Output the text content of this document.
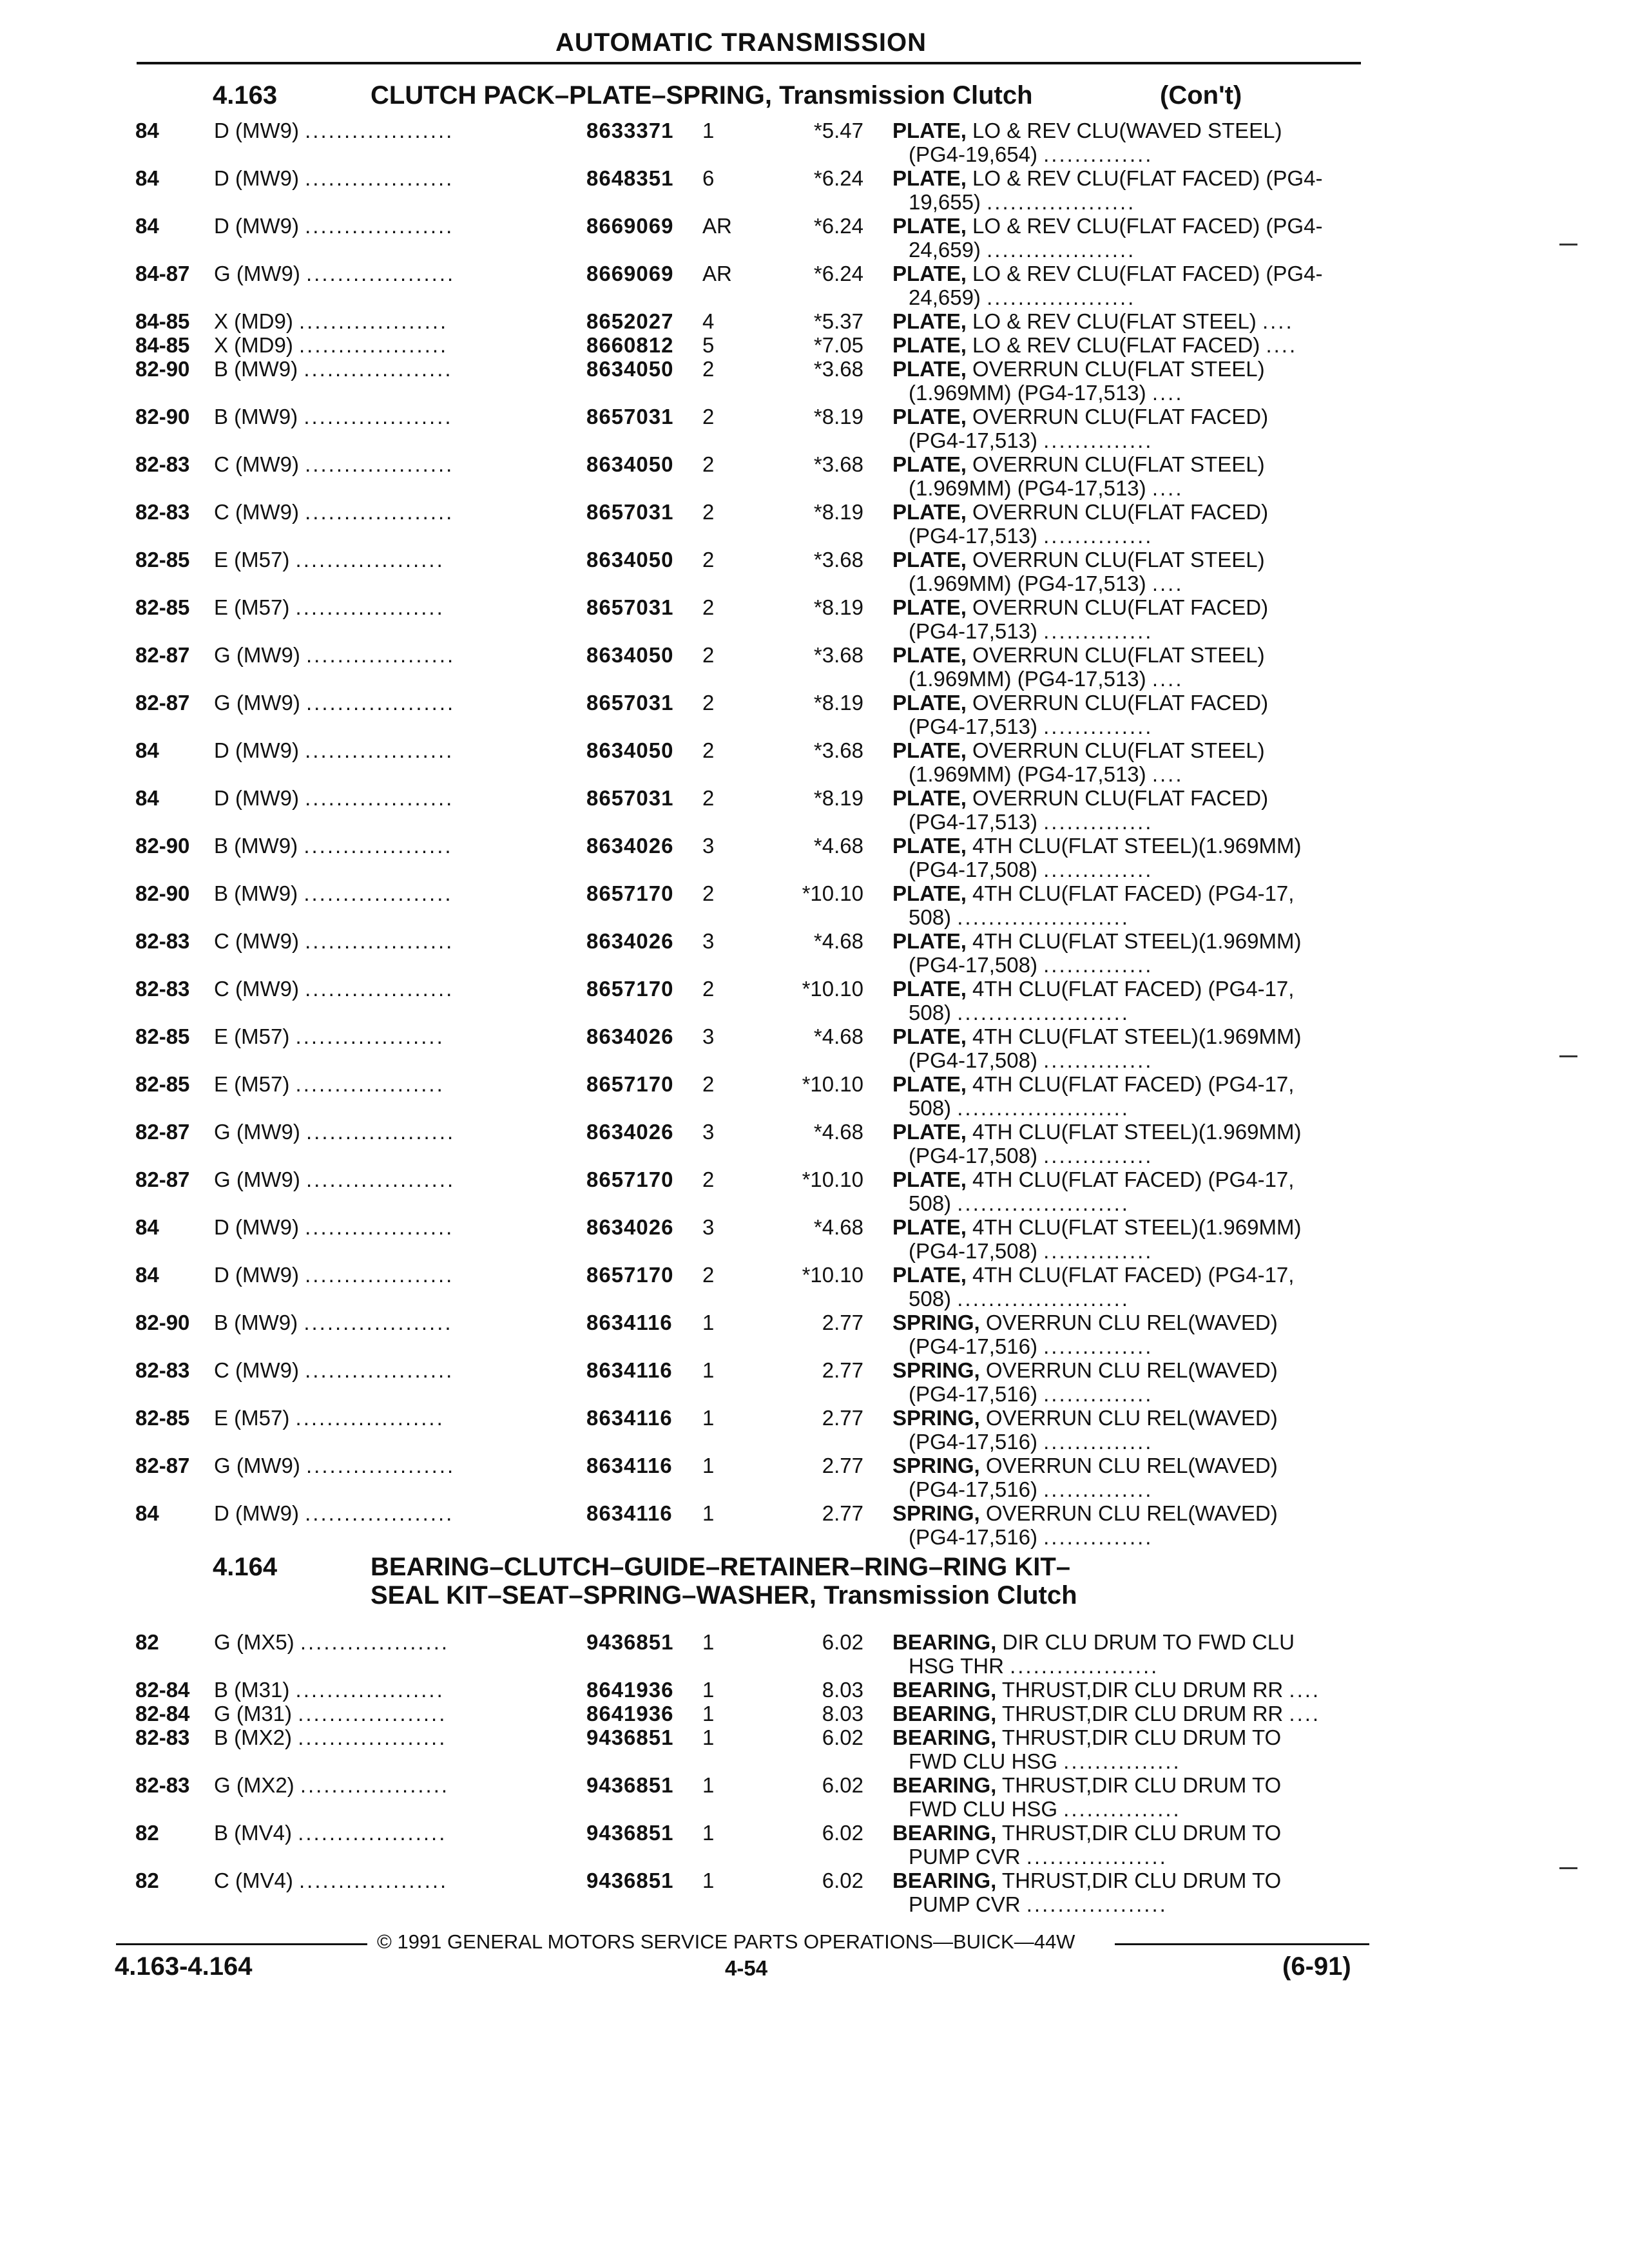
AUTOMATIC TRANSMISSION
4.163	CLUTCH PACK–PLATE–SPRING, Transmission Clutch	(Con't)
84	D (MW9) ...................	8633371 1	*5.47 PLATE, LO & REV CLU(WAVED STEEL)
(PG4-19,654) ..............
84	D (MW9) ...................	8648351 6	*6.24 PLATE, LO & REV CLU(FLAT FACED) (PG4-
19,655) ...................
84	D (MW9) ...................	8669069 AR	*6.24 PLATE, LO & REV CLU(FLAT FACED) (PG4-
24,659) ...................
84-87 G (MW9) ...................	8669069 AR	*6.24 PLATE, LO & REV CLU(FLAT FACED) (PG4-
24,659) ...................
84-85 X (MD9) ...................	8652027 4	*5.37 PLATE, LO & REV CLU(FLAT STEEL) ....
84-85 X (MD9) ...................	8660812 5	*7.05 PLATE, LO & REV CLU(FLAT FACED) ....
82-90 B (MW9) ...................	8634050 2	*3.68 PLATE, OVERRUN CLU(FLAT STEEL)
(1.969MM) (PG4-17,513) ....
82-90 B (MW9) ...................	8657031 2	*8.19 PLATE, OVERRUN CLU(FLAT FACED)
(PG4-17,513) ..............
82-83 C (MW9) ...................	8634050 2	*3.68 PLATE, OVERRUN CLU(FLAT STEEL)
(1.969MM) (PG4-17,513) ....
82-83 C (MW9) ...................	8657031 2	*8.19 PLATE, OVERRUN CLU(FLAT FACED)
(PG4-17,513) ..............
82-85 E (M57) ...................	8634050 2	*3.68 PLATE, OVERRUN CLU(FLAT STEEL)
(1.969MM) (PG4-17,513) ....
82-85 E (M57) ...................	8657031 2	*8.19 PLATE, OVERRUN CLU(FLAT FACED)
(PG4-17,513) ..............
82-87 G (MW9) ...................	8634050 2	*3.68 PLATE, OVERRUN CLU(FLAT STEEL)
(1.969MM) (PG4-17,513) ....
82-87 G (MW9) ...................	8657031 2	*8.19 PLATE, OVERRUN CLU(FLAT FACED)
(PG4-17,513) ..............
84	D (MW9) ...................	8634050 2	*3.68 PLATE, OVERRUN CLU(FLAT STEEL)
(1.969MM) (PG4-17,513) ....
84	D (MW9) ...................	8657031 2	*8.19 PLATE, OVERRUN CLU(FLAT FACED)
(PG4-17,513) ..............
82-90 B (MW9) ...................	8634026 3	*4.68 PLATE, 4TH CLU(FLAT STEEL)(1.969MM)
(PG4-17,508) ..............
82-90 B (MW9) ...................	8657170 2	*10.10 PLATE, 4TH CLU(FLAT FACED) (PG4-17,
508) ......................
82-83 C (MW9) ...................	8634026 3	*4.68 PLATE, 4TH CLU(FLAT STEEL)(1.969MM)
(PG4-17,508) ..............
82-83 C (MW9) ...................	8657170 2	*10.10 PLATE, 4TH CLU(FLAT FACED) (PG4-17,
508) ......................
82-85 E (M57) ...................	8634026 3	*4.68 PLATE, 4TH CLU(FLAT STEEL)(1.969MM)
(PG4-17,508) ..............
82-85 E (M57) ...................	8657170 2	*10.10 PLATE, 4TH CLU(FLAT FACED) (PG4-17,
508) ......................
82-87 G (MW9) ...................	8634026 3	*4.68 PLATE, 4TH CLU(FLAT STEEL)(1.969MM)
(PG4-17,508) ..............
82-87 G (MW9) ...................	8657170 2	*10.10 PLATE, 4TH CLU(FLAT FACED) (PG4-17,
508) ......................
84	D (MW9) ...................	8634026 3	*4.68 PLATE, 4TH CLU(FLAT STEEL)(1.969MM)
(PG4-17,508) ..............
84	D (MW9) ...................	8657170 2	*10.10 PLATE, 4TH CLU(FLAT FACED) (PG4-17,
508) ......................
82-90 B (MW9) ...................	8634116 1	2.77 SPRING, OVERRUN CLU REL(WAVED)
(PG4-17,516) ..............
82-83 C (MW9) ...................	8634116 1	2.77 SPRING, OVERRUN CLU REL(WAVED)
(PG4-17,516) ..............
82-85 E (M57) ...................	8634116 1	2.77 SPRING, OVERRUN CLU REL(WAVED)
(PG4-17,516) ..............
82-87 G (MW9) ...................	8634116 1	2.77 SPRING, OVERRUN CLU REL(WAVED)
(PG4-17,516) ..............
84	D (MW9) ...................	8634116 1	2.77 SPRING, OVERRUN CLU REL(WAVED)
(PG4-17,516) ..............
4.164	BEARING–CLUTCH–GUIDE–RETAINER–RING–RING KIT–
SEAL KIT–SEAT–SPRING–WASHER, Transmission Clutch
82	G (MX5) ...................	9436851 1	6.02 BEARING, DIR CLU DRUM TO FWD CLU
HSG THR ...................
82-84 B (M31) ...................	8641936 1	8.03 BEARING, THRUST,DIR CLU DRUM RR ....
82-84 G (M31) ...................	8641936 1	8.03 BEARING, THRUST,DIR CLU DRUM RR ....
82-83 B (MX2) ...................	9436851 1	6.02 BEARING, THRUST,DIR CLU DRUM TO
FWD CLU HSG ...............
82-83 G (MX2) ...................	9436851 1	6.02 BEARING, THRUST,DIR CLU DRUM TO
FWD CLU HSG ...............
82	B (MV4) ...................	9436851 1	6.02 BEARING, THRUST,DIR CLU DRUM TO
PUMP CVR ..................
82	C (MV4) ...................	9436851 1	6.02 BEARING, THRUST,DIR CLU DRUM TO
PUMP CVR ..................
© 1991 GENERAL MOTORS SERVICE PARTS OPERATIONS—BUICK—44W
4.163-4.164	4-54	(6-91)
